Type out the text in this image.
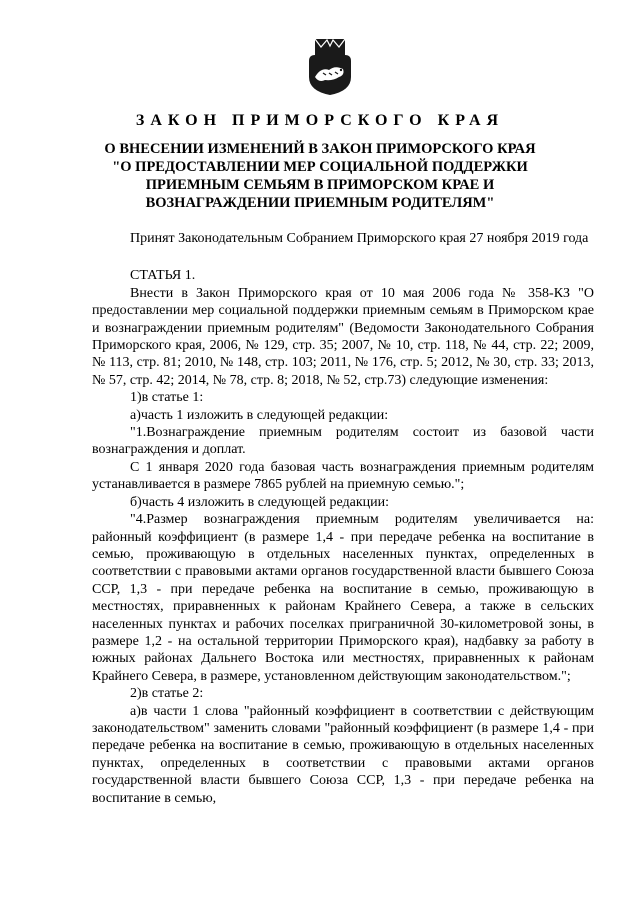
ЗАКОН ПРИМОРСКОГО КРАЯ
О ВНЕСЕНИИ ИЗМЕНЕНИЙ В ЗАКОН ПРИМОРСКОГО КРАЯ
"О ПРЕДОСТАВЛЕНИИ МЕР СОЦИАЛЬНОЙ ПОДДЕРЖКИ
ПРИЕМНЫМ СЕМЬЯМ В ПРИМОРСКОМ КРАЕ И
ВОЗНАГРАЖДЕНИИ ПРИЕМНЫМ РОДИТЕЛЯМ"

Принят Законодательным Собранием Приморского края 27 ноября 2019 года

СТАТЬЯ 1.

Внести в Закон Приморского края от 10 мая 2006 года № 358-КЗ "О предоставлении мер социальной поддержки приемным семьям в Приморском крае и вознаграждении приемным родителям" (Ведомости Законодательного Собрания Приморского края, 2006, № 129, стр. 35; 2007, № 10, стр. 118, № 44, стр. 22; 2009, № 113, стр. 81; 2010, № 148, стр. 103; 2011, № 176, стр. 5; 2012, № 30, стр. 33; 2013, № 57, стр. 42; 2014, № 78, стр. 8; 2018, № 52, стр.73) следующие изменения:

1)в статье 1:

а)часть 1 изложить в следующей редакции:

"1.Вознаграждение приемным родителям состоит из базовой части вознаграждения и доплат.

С 1 января 2020 года базовая часть вознаграждения приемным родителям устанавливается в размере 7865 рублей на приемную семью.";

б)часть 4 изложить в следующей редакции:

"4.Размер вознаграждения приемным родителям увеличивается на: районный коэффициент (в размере 1,4 - при передаче ребенка на воспитание в семью, проживающую в отдельных населенных пунктах, определенных в соответствии с правовыми актами органов государственной власти бывшего Союза ССР, 1,3 - при передаче ребенка на воспитание в семью, проживающую в местностях, приравненных к районам Крайнего Севера, а также в сельских населенных пунктах и рабочих поселках приграничной 30-километровой зоны, в размере 1,2 - на остальной территории Приморского края), надбавку за работу в южных районах Дальнего Востока или местностях, приравненных к районам Крайнего Севера, в размере, установленном действующим законодательством.";

2)в статье 2:

а)в части 1 слова "районный коэффициент в соответствии с действующим законодательством" заменить словами "районный коэффициент (в размере 1,4 - при передаче ребенка на воспитание в семью, проживающую в отдельных населенных пунктах, определенных в соответствии с правовыми актами органов государственной власти бывшего Союза ССР, 1,3 - при передаче ребенка на воспитание в семью,
